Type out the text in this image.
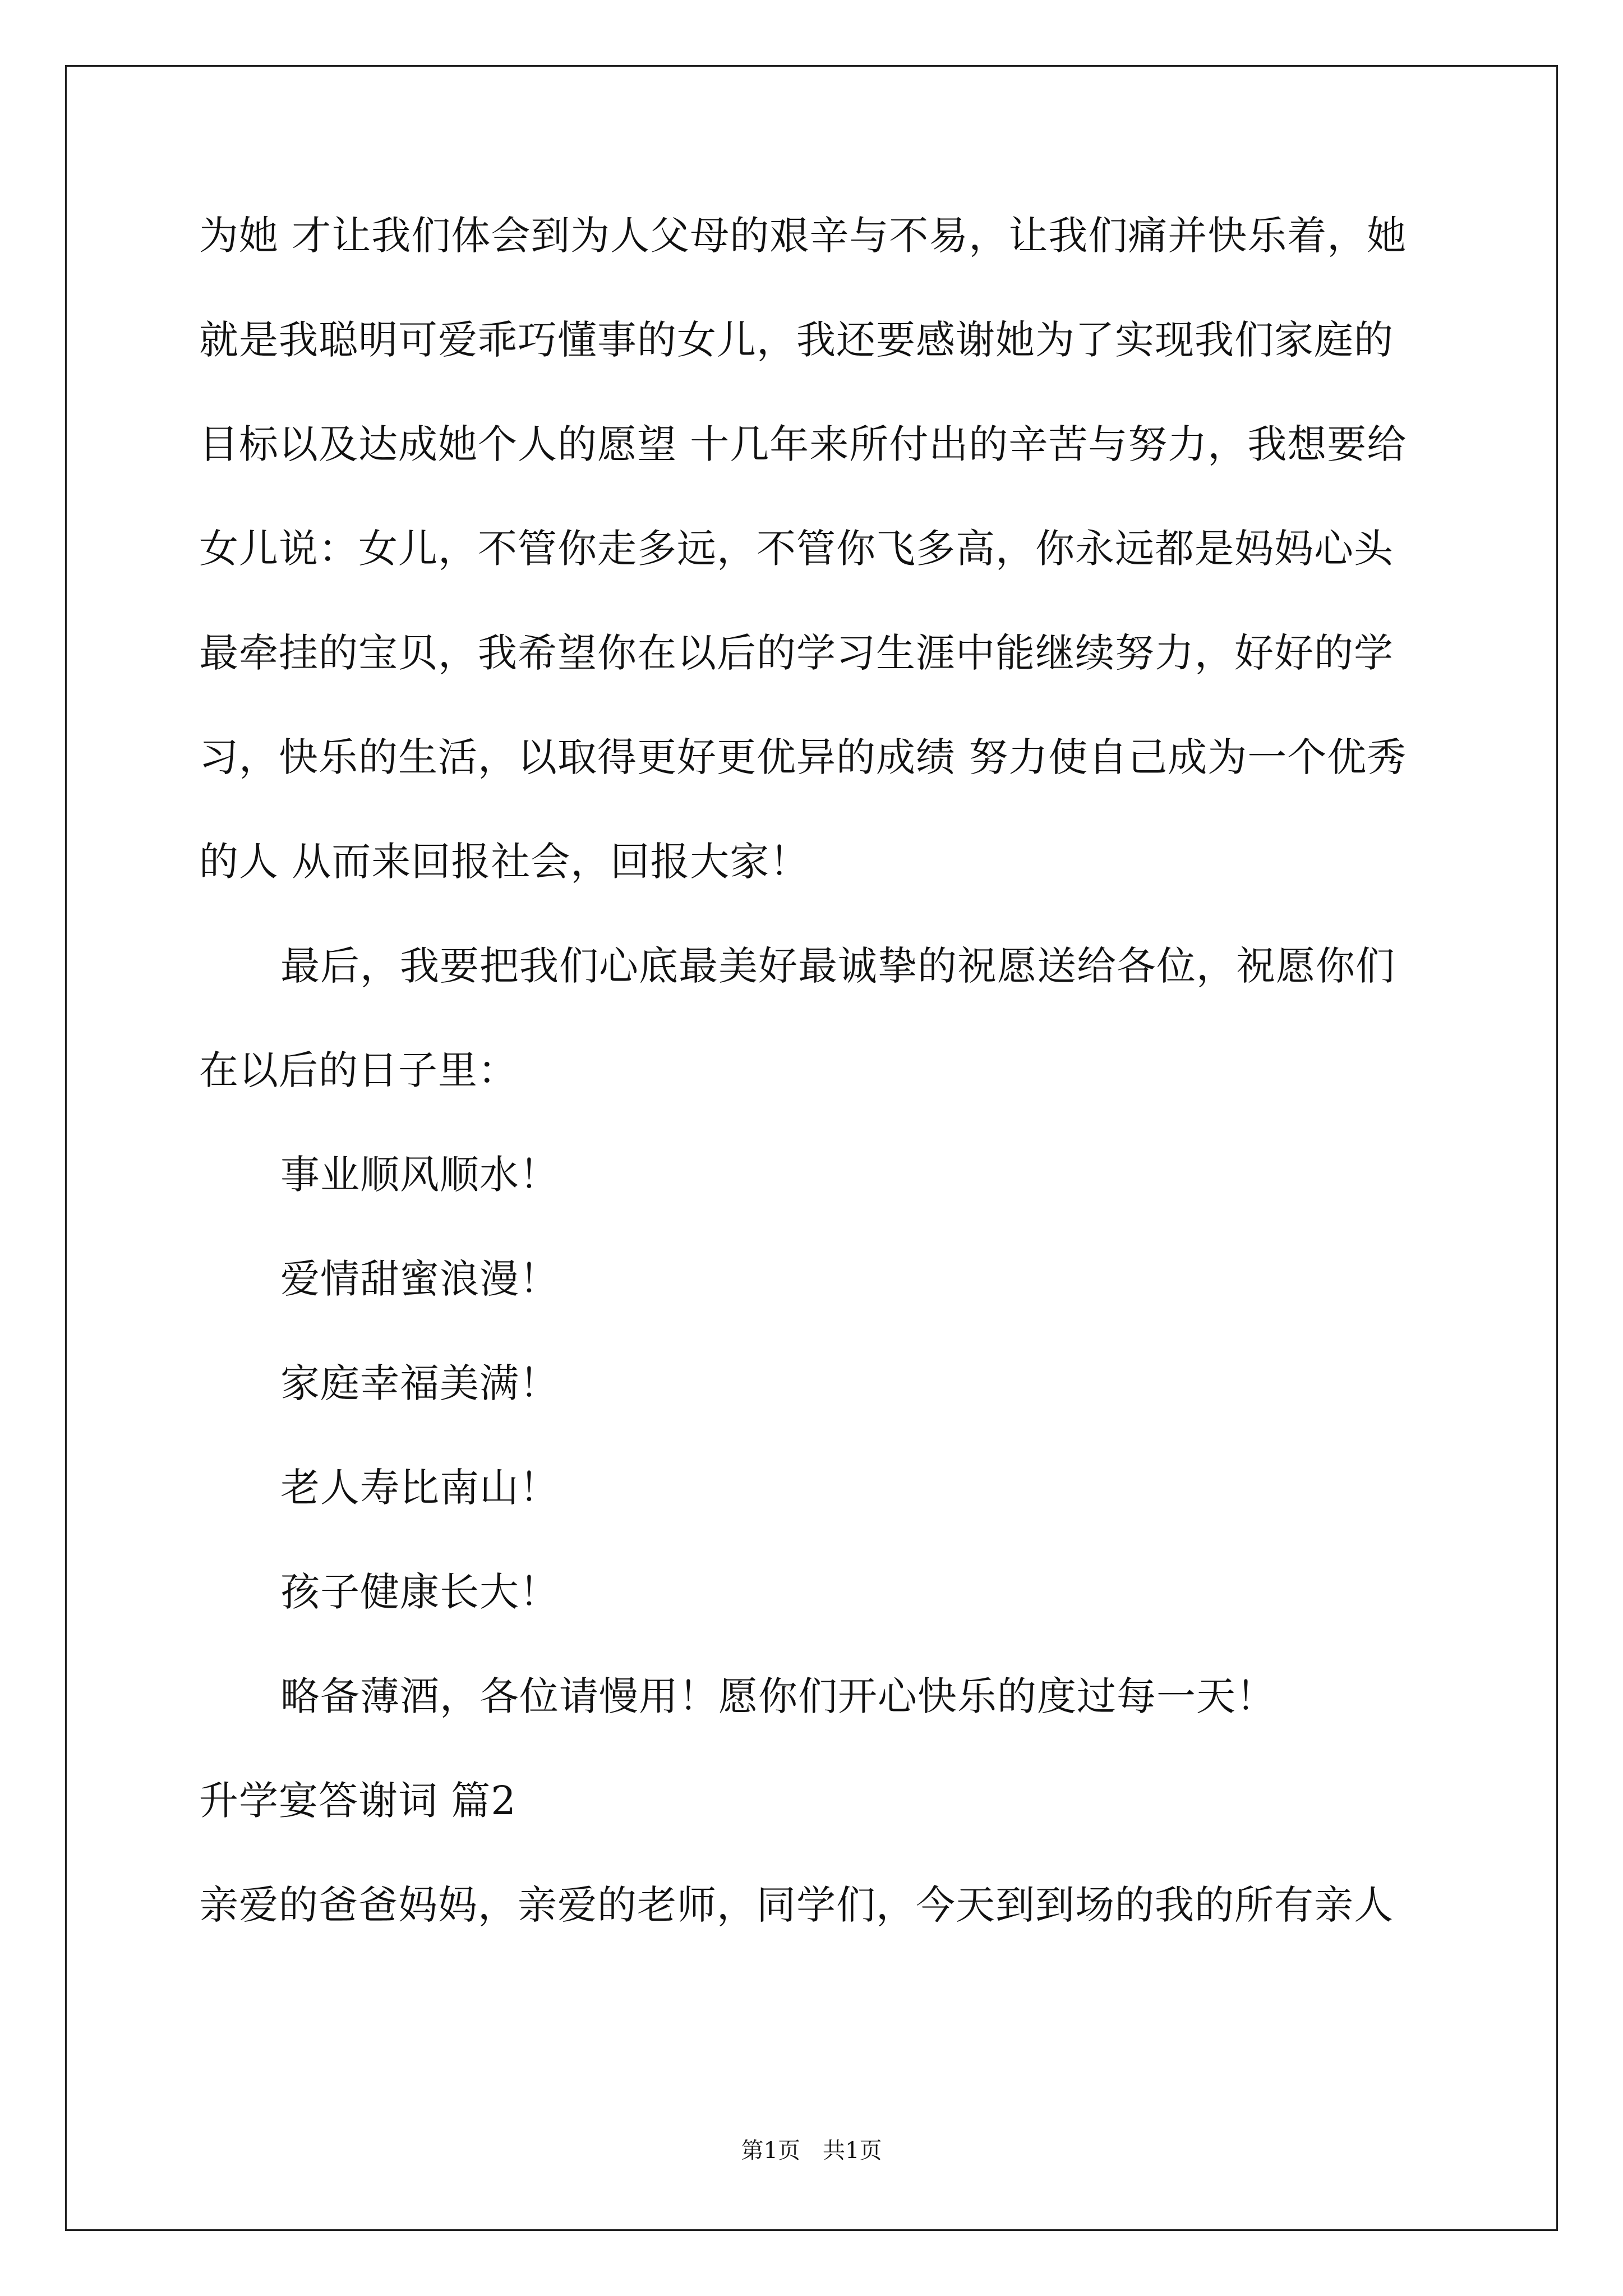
为她 才让我们体会到为人父母的艰辛与不易，让我们痛并快乐着，她
就是我聪明可爱乖巧懂事的女儿，我还要感谢她为了实现我们家庭的
目标以及达成她个人的愿望 十几年来所付出的辛苦与努力，我想要给
女儿说：女儿，不管你走多远，不管你飞多高，你永远都是妈妈心头
最牵挂的宝贝，我希望你在以后的学习生涯中能继续努力，好好的学
习，快乐的生活，以取得更好更优异的成绩 努力使自己成为一个优秀
的人 从而来回报社会，回报大家！
最后，我要把我们心底最美好最诚挚的祝愿送给各位，祝愿你们
在以后的日子里：
事业顺风顺水！
爱情甜蜜浪漫！
家庭幸福美满！
老人寿比南山！
孩子健康长大！
略备薄酒，各位请慢用！愿你们开心快乐的度过每一天！
升学宴答谢词 篇2
亲爱的爸爸妈妈，亲爱的老师，同学们，今天到到场的我的所有亲人
第1页　共1页
